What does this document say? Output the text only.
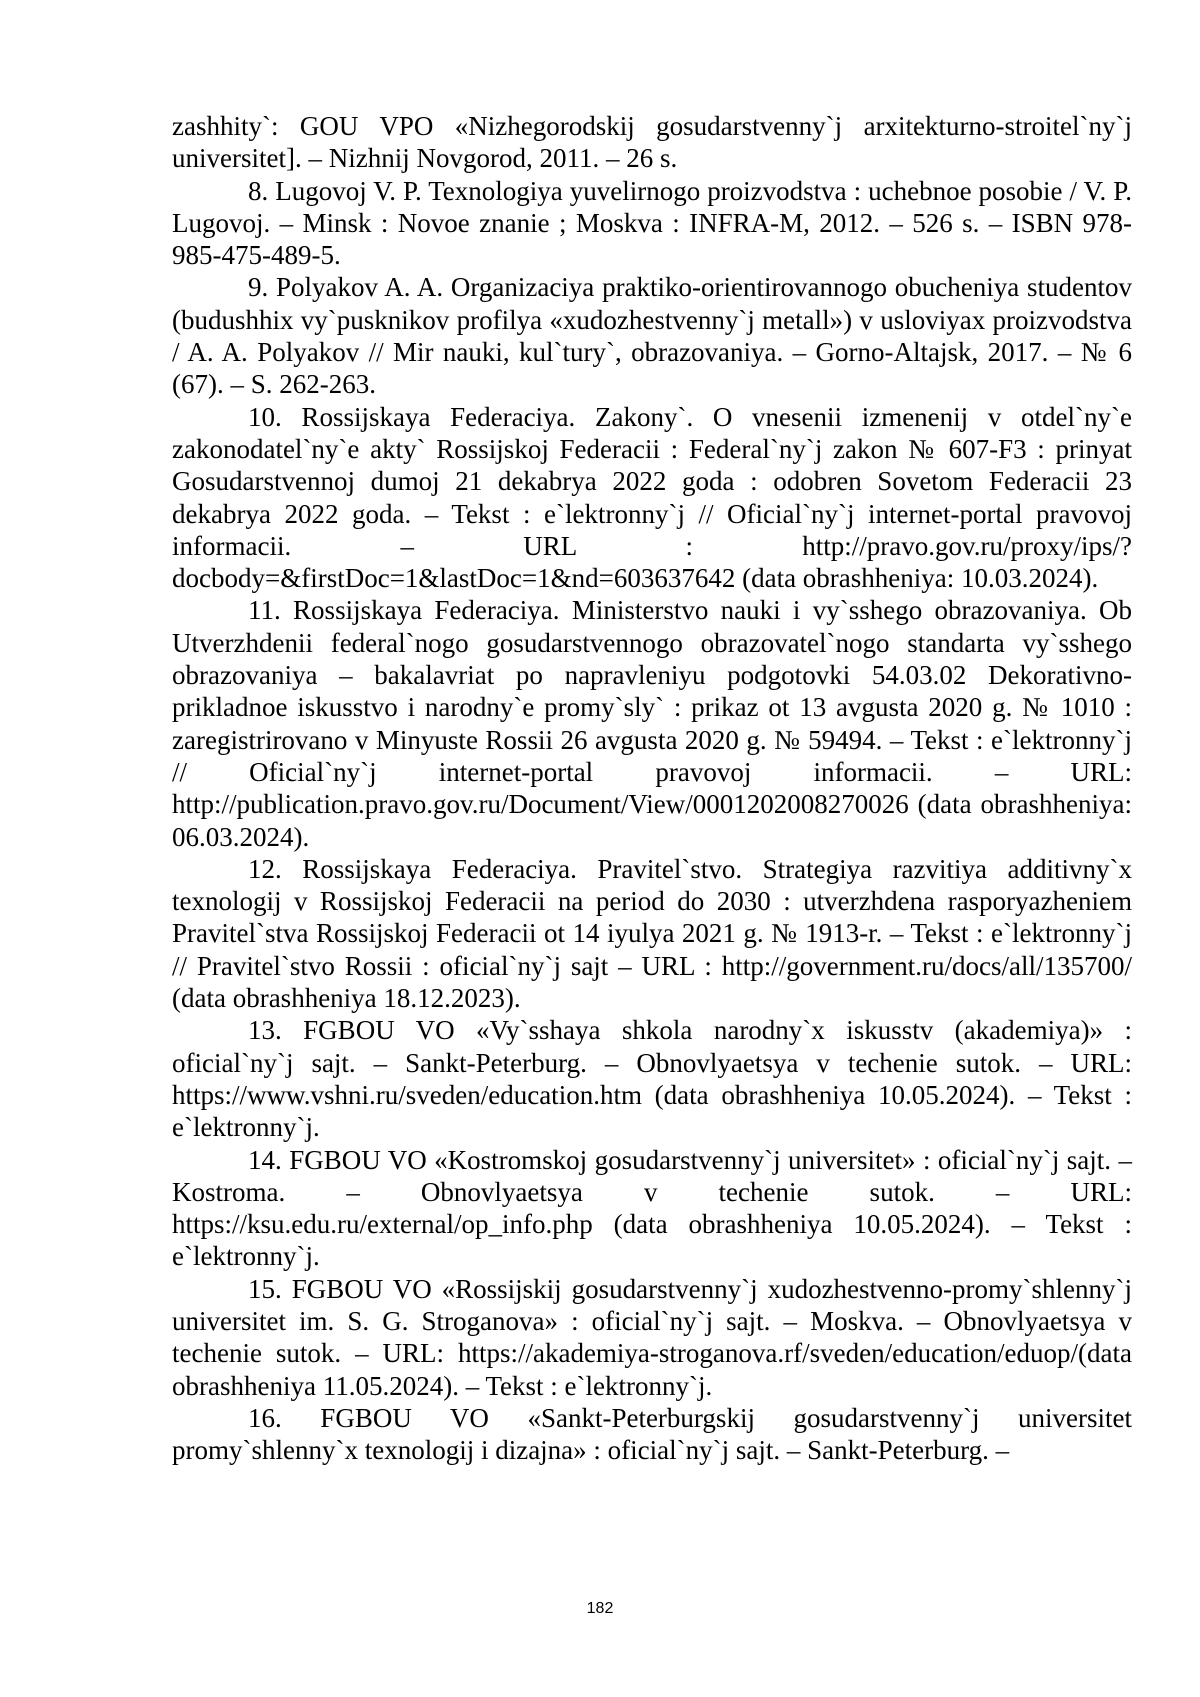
zashhity`: GOU VPO «Nizhegorodskij gosudarstvenny`j arxitekturno-stroitel`ny`j universitet]. – Nizhnij Novgorod, 2011. – 26 s.

8. Lugovoj V. P. Texnologiya yuvelirnogo proizvodstva : uchebnoe posobie / V. P. Lugovoj. – Minsk : Novoe znanie ; Moskva : INFRA-M, 2012. – 526 s. – ISBN 978-985-475-489-5.

9. Polyakov A. A. Organizaciya praktiko-orientirovannogo obucheniya studentov (budushhix vy`pusknikov profilya «xudozhestvenny`j metall») v usloviyax proizvodstva / A. A. Polyakov // Mir nauki, kul`tury`, obrazovaniya. – Gorno-Altajsk, 2017. – № 6 (67). – S. 262-263.

10. Rossijskaya Federaciya. Zakony`. O vnesenii izmenenij v otdel`ny`e zakonodatel`ny`e akty` Rossijskoj Federacii : Federal`ny`j zakon № 607-F3 : prinyat Gosudarstvennoj dumoj 21 dekabrya 2022 goda : odobren Sovetom Federacii 23 dekabrya 2022 goda. – Tekst : e`lektronny`j // Oficial`ny`j internet-portal pravovoj informacii. – URL : http://pravo.gov.ru/proxy/ips/?docbody=&firstDoc=1&lastDoc=1&nd=603637642 (data obrashheniya: 10.03.2024).

11. Rossijskaya Federaciya. Ministerstvo nauki i vy`sshego obrazovaniya. Ob Utverzhdenii federal`nogo gosudarstvennogo obrazovatel`nogo standarta vy`sshego obrazovaniya – bakalavriat po napravleniyu podgotovki 54.03.02 Dekorativno-prikladnoe iskusstvo i narodny`e promy`sly` : prikaz ot 13 avgusta 2020 g. № 1010 : zaregistrirovano v Minyuste Rossii 26 avgusta 2020 g. № 59494. – Tekst : e`lektronny`j // Oficial`ny`j internet-portal pravovoj informacii. – URL: http://publication.pravo.gov.ru/Document/View/0001202008270026 (data obrashheniya: 06.03.2024).

12. Rossijskaya Federaciya. Pravitel`stvo. Strategiya razvitiya additivny`x texnologij v Rossijskoj Federacii na period do 2030 : utverzhdena rasporyazheniem Pravitel`stva Rossijskoj Federacii ot 14 iyulya 2021 g. № 1913-r. – Tekst : e`lektronny`j // Pravitel`stvo Rossii : oficial`ny`j sajt – URL : http://government.ru/docs/all/135700/ (data obrashheniya 18.12.2023).

13. FGBOU VO «Vy`sshaya shkola narodny`x iskusstv (akademiya)» : oficial`ny`j sajt. – Sankt-Peterburg. – Obnovlyaetsya v techenie sutok. – URL: https://www.vshni.ru/sveden/education.htm (data obrashheniya 10.05.2024). – Tekst : e`lektronny`j.

14. FGBOU VO «Kostromskoj gosudarstvenny`j universitet» : oficial`ny`j sajt. – Kostroma. – Obnovlyaetsya v techenie sutok. – URL: https://ksu.edu.ru/external/op_info.php (data obrashheniya 10.05.2024). – Tekst : e`lektronny`j.

15. FGBOU VO «Rossijskij gosudarstvenny`j xudozhestvenno-promy`shlenny`j universitet im. S. G. Stroganova» : oficial`ny`j sajt. – Moskva. – Obnovlyaetsya v techenie sutok. – URL: https://akademiya-stroganova.rf/sveden/education/eduop/(data obrashheniya 11.05.2024). – Tekst : e`lektronny`j.

16. FGBOU VO «Sankt-Peterburgskij gosudarstvenny`j universitet promy`shlenny`x texnologij i dizajna» : oficial`ny`j sajt. – Sankt-Peterburg. –

182
